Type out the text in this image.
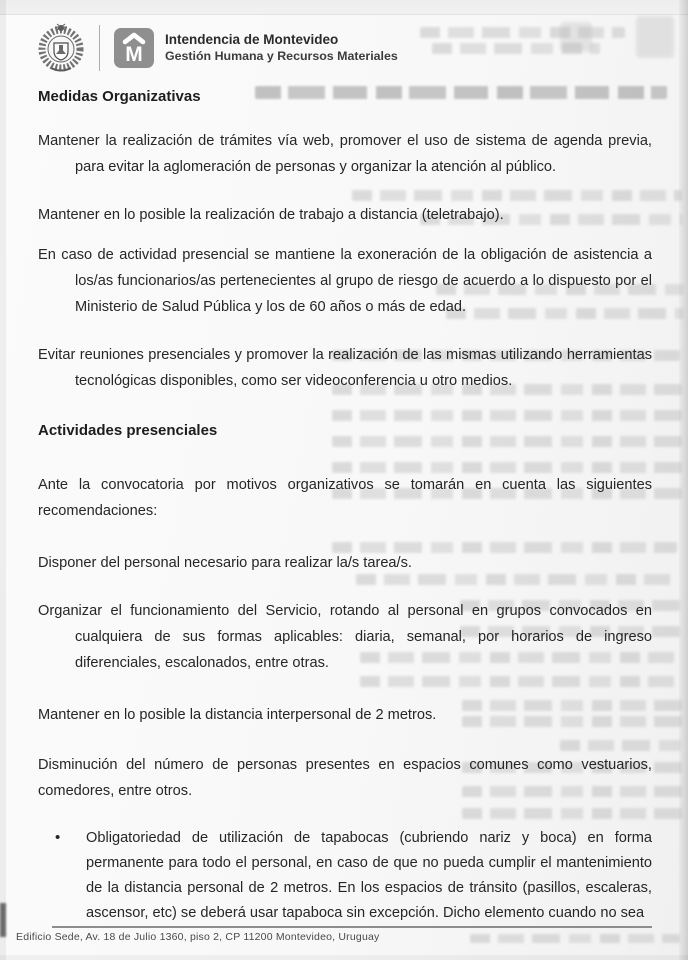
M
Intendencia de Montevideo
Gestión Humana y Recursos Materiales
Medidas Organizativas

Mantener la realización de trámites vía web, promover el uso de sistema de agenda previa, para evitar la aglomeración de personas y organizar la atención al público.

Mantener en lo posible la realización de trabajo a distancia (teletrabajo).

En caso de actividad presencial se mantiene la exoneración de la obligación de asistencia a los/as funcionarios/as pertenecientes al grupo de riesgo de acuerdo a lo dispuesto por el Ministerio de Salud Pública y los de 60 años o más de edad.

Evitar reuniones presenciales y promover la realización de las mismas utilizando herramientas tecnológicas disponibles, como ser videoconferencia u otro medios.

Actividades presenciales

Ante la convocatoria por motivos organizativos se tomarán en cuenta las siguientes recomendaciones:

Disponer del personal necesario para realizar la/s tarea/s.

Organizar el funcionamiento del Servicio, rotando al personal en grupos convocados en cualquiera de sus formas aplicables: diaria, semanal, por horarios de ingreso diferenciales, escalonados, entre otras.

Mantener en lo posible la distancia interpersonal de 2 metros.

Disminución del número de personas presentes en espacios comunes como vestuarios, comedores, entre otros.

• Obligatoriedad de utilización de tapabocas (cubriendo nariz y boca) en forma permanente para todo el personal, en caso de que no pueda cumplir el mantenimiento de la distancia personal de 2 metros. En los espacios de tránsito (pasillos, escaleras, ascensor, etc) se deberá usar tapaboca sin excepción. Dicho elemento cuando no sea
Edificio Sede, Av. 18 de Julio 1360, piso 2, CP 11200 Montevideo, Uruguay
